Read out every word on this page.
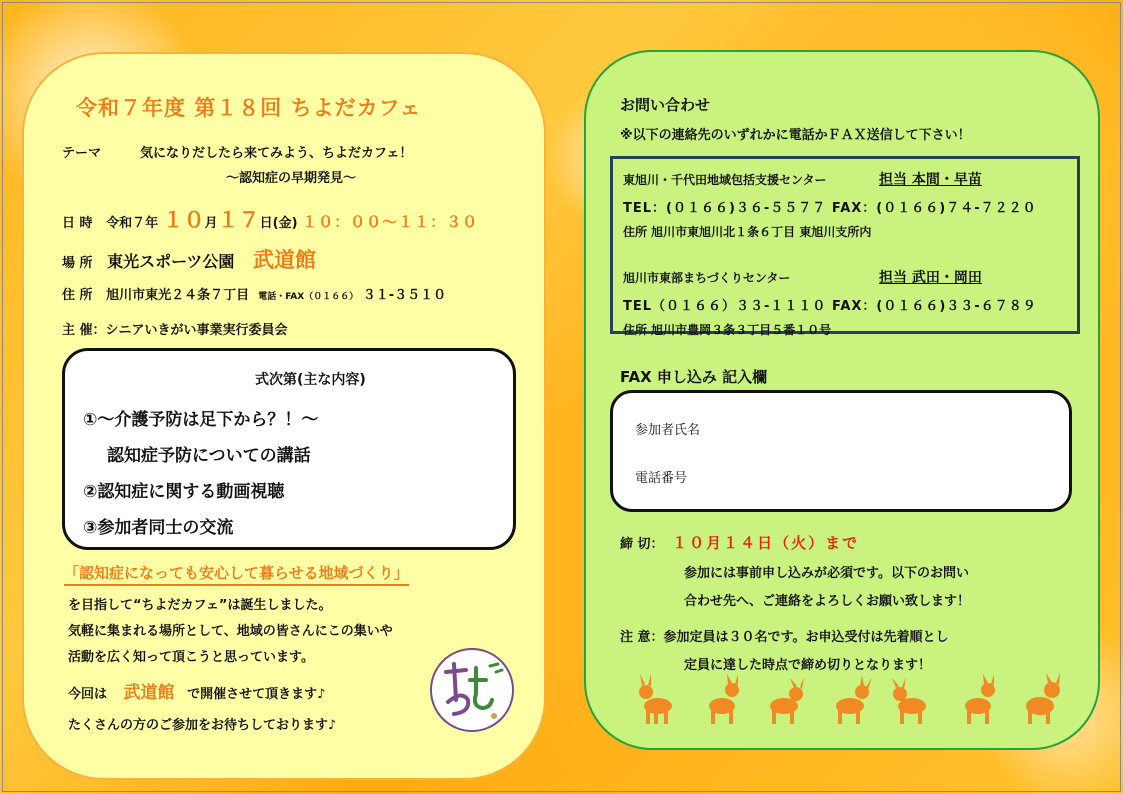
令和７年度 第１８回 ちよだカフェ
テーマ	気になりだしたら来てみよう、ちよだカフェ！
～認知症の早期発見～
日 時 令和７年 １０月１７日(金) １０：００～１１：３０
場 所 東光スポーツ公園 武道館
住 所 旭川市東光２４条７丁目 電話・FAX（０１６６） ３１-３５１０
主 催：シニアいきがい事業実行委員会
式次第(主な内容)
①～介護予防は足下から？！～
認知症予防についての講話
②認知症に関する動画視聴
③参加者同士の交流
「認知症になっても安心して暮らせる地域づくり」
を目指して“ちよだカフェ”は誕生しました。
気軽に集まれる場所として、地域の皆さんにこの集いや
活動を広く知って頂こうと思っています。
今回は 武道館 で開催させて頂きます♪
たくさんの方のご参加をお待ちしております♪
お問い合わせ
※以下の連絡先のいずれかに電話かＦＡＸ送信して下さい！
東旭川・千代田地域包括支援センター	担当 本間・早苗
TEL：(０１６６)３６-５５７７ FAX：(０１６６)７４-７２２０
住所 旭川市東旭川北１条６丁目 東旭川支所内
旭川市東部まちづくりセンター	担当 武田・岡田
TEL（０１６６）３３-１１１０ FAX：(０１６６)３３-６７８９
住所 旭川市豊岡３条３丁目５番１０号
FAX 申し込み 記入欄
参加者氏名
電話番号
締 切： １０月１４日（火）まで
参加には事前申し込みが必須です。以下のお問い
合わせ先へ、ご連絡をよろしくお願い致します！
注 意：参加定員は３０名です。お申込受付は先着順とし
定員に達した時点で締め切りとなります！
